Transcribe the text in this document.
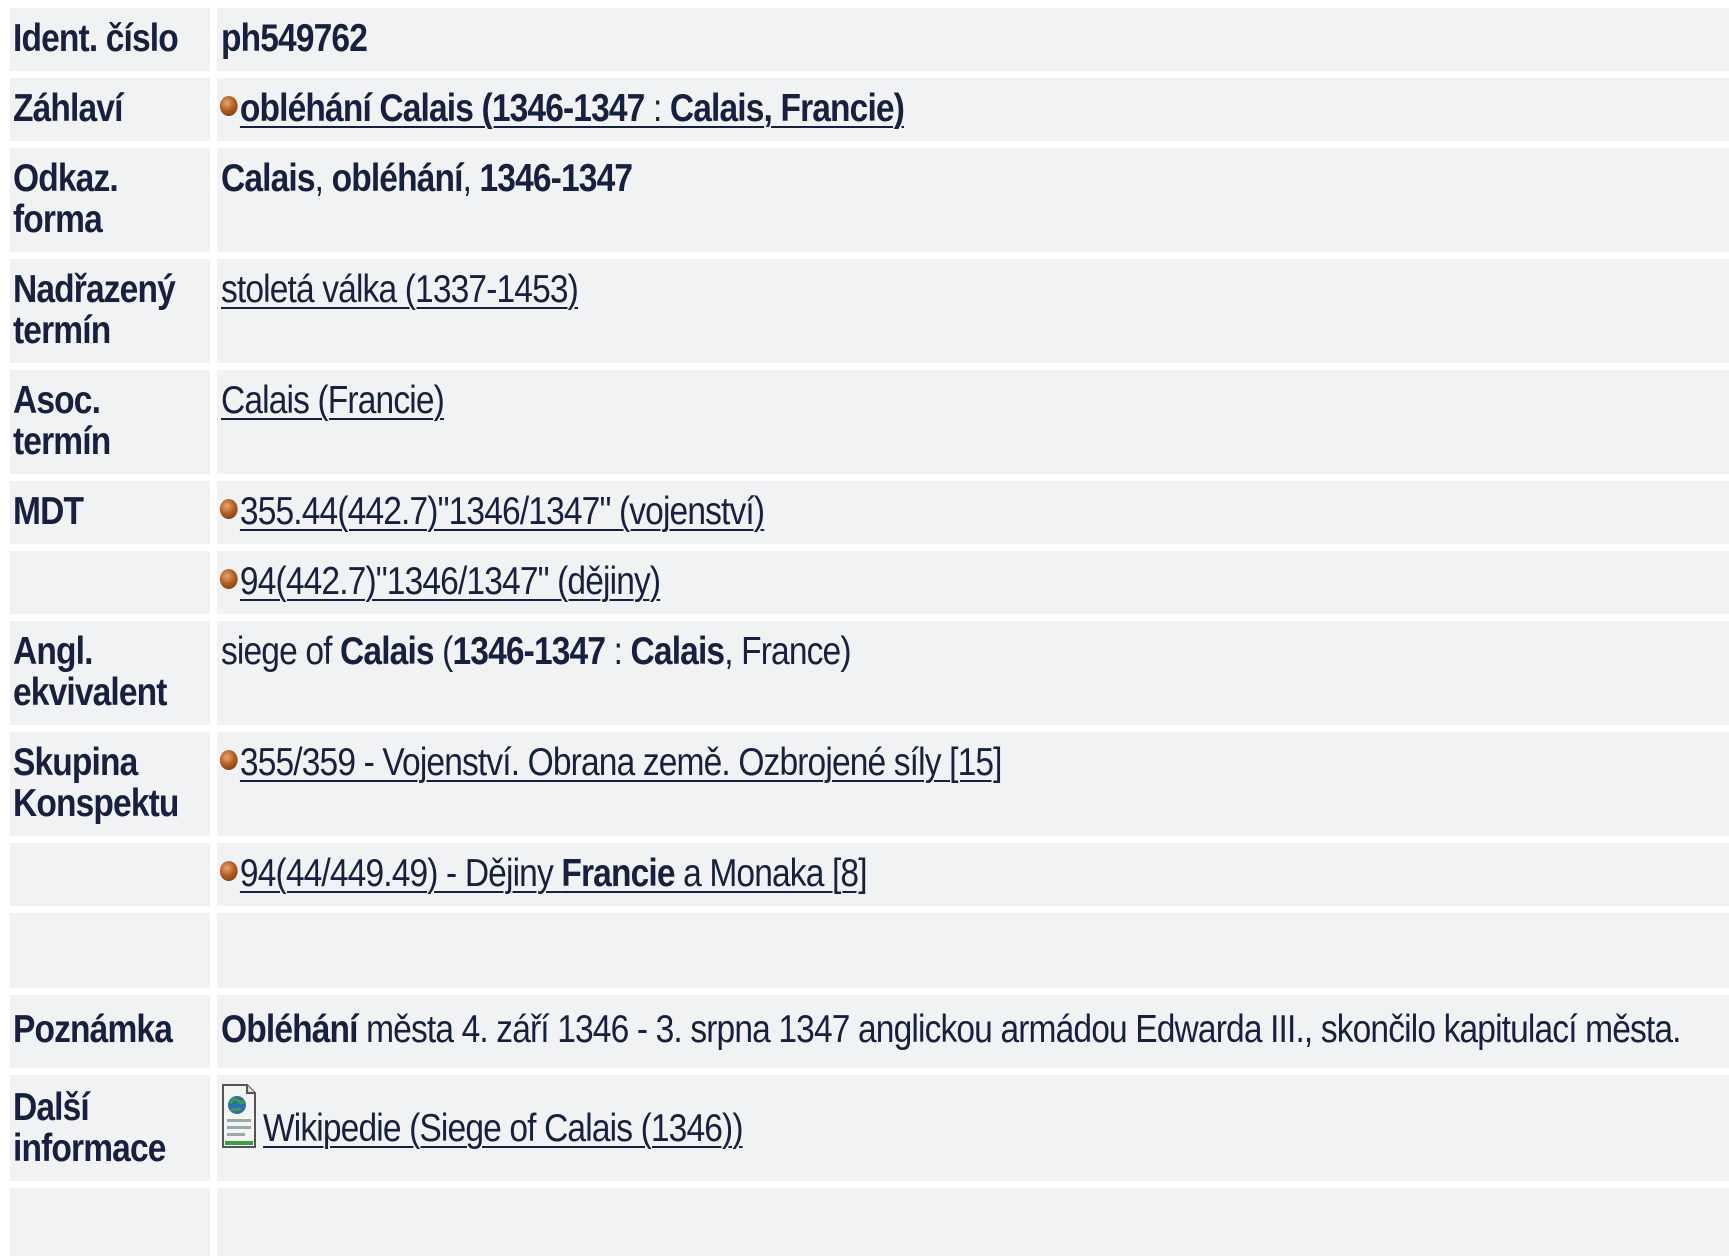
Ident. číslo	ph549762
Záhlaví	obléhání Calais (1346-1347 : Calais, Francie)
Odkaz. forma	Calais, obléhání, 1346-1347
Nadřazený termín	stoletá válka (1337-1453)
Asoc. termín	Calais (Francie)
MDT	355.44(442.7)"1346/1347" (vojenství)
	94(442.7)"1346/1347" (dějiny)
Angl. ekvivalent	siege of Calais (1346-1347 : Calais, France)
Skupina Konspektu	355/359 - Vojenství. Obrana země. Ozbrojené síly [15]
	94(44/449.49) - Dějiny Francie a Monaka [8]

Poznámka	Obléhání města 4. září 1346 - 3. srpna 1347 anglickou armádou Edwarda III., skončilo kapitulací města.

Další informace	Wikipedie (Siege of Calais (1346))
